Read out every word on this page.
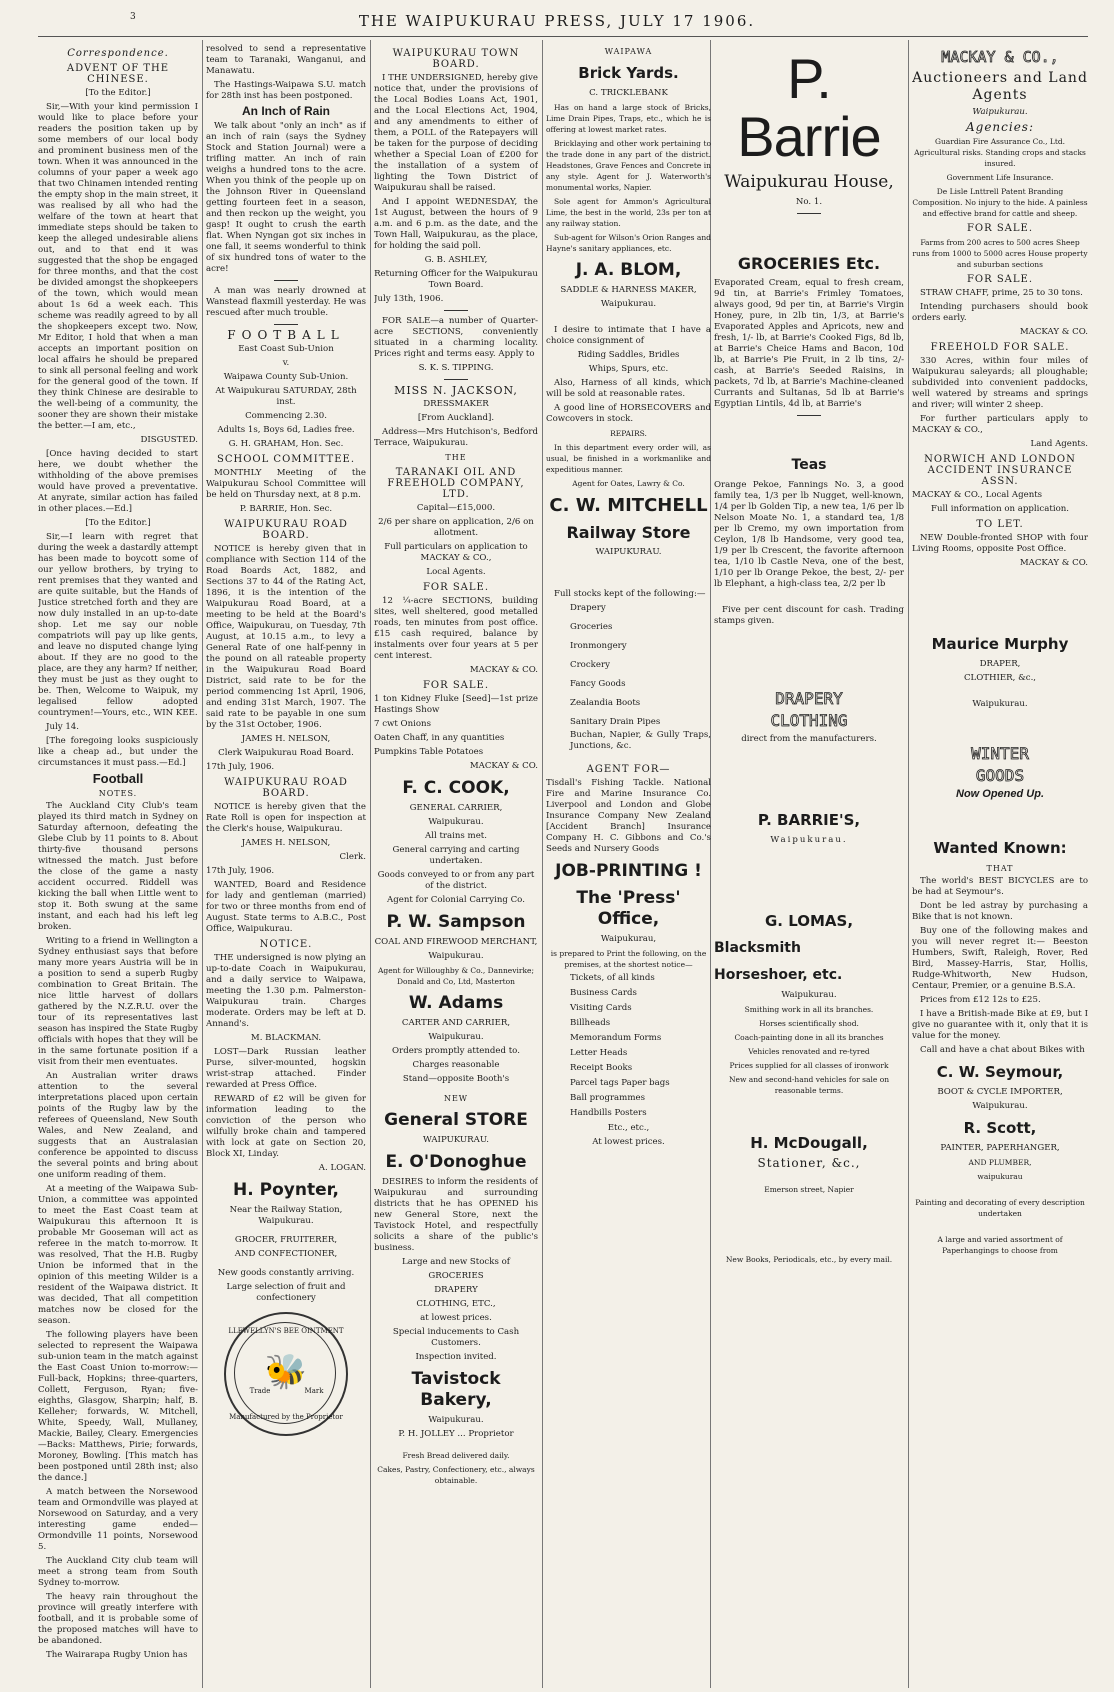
THE WAIPUKURAU PRESS, JULY 17 1906.
3
Correspondence.
ADVENT OF THE CHINESE.

[To the Editor.]

Sir,—With your kind permission I would like to place before your readers the position taken up by some members of our local body and prominent business men of the town. When it was announced in the columns of your paper a week ago that two Chinamen intended renting the empty shop in the main street, it was realised by all who had the welfare of the town at heart that immediate steps should be taken to keep the alleged undesirable aliens out, and to that end it was suggested that the shop be engaged for three months, and that the cost be divided amongst the shopkeepers of the town, which would mean about 1s 6d a week each. This scheme was readily agreed to by all the shopkeepers except two. Now, Mr Editor, I hold that when a man accepts an important position on local affairs he should be prepared to sink all personal feeling and work for the general good of the town. If they think Chinese are desirable to the well-being of a community, the sooner they are shown their mistake the better.—I am, etc.,

DISGUSTED.

[Once having decided to start here, we doubt whether the withholding of the above premises would have proved a preventative. At anyrate, similar action has failed in other places.—Ed.]

[To the Editor.]

Sir,—I learn with regret that during the week a dastardly attempt has been made to boycott some of our yellow brothers, by trying to rent premises that they wanted and are quite suitable, but the Hands of Justice stretched forth and they are now duly installed in an up-to-date shop. Let me say our noble compatriots will pay up like gents, and leave no disputed change lying about. If they are no good to the place, are they any harm? If neither, they must be just as they ought to be. Then, Welcome to Waipuk, my legalised fellow adopted countrymen!—Yours, etc., WIN KEE.

July 14.

[The foregoing looks suspiciously like a cheap ad., but under the circumstances it must pass.—Ed.]

Football
NOTES.

The Auckland City Club's team played its third match in Sydney on Saturday afternoon, defeating the Glebe Club by 11 points to 8. About thirty-five thousand persons witnessed the match. Just before the close of the game a nasty accident occurred. Riddell was kicking the ball when Little went to stop it. Both swung at the same instant, and each had his left leg broken.

Writing to a friend in Wellington a Sydney enthusiast says that before many more years Austria will be in a position to send a superb Rugby combination to Great Britain. The nice little harvest of dollars gathered by the N.Z.R.U. over the tour of its representatives last season has inspired the State Rugby officials with hopes that they will be in the same fortunate position if a visit from their men eventuates.

An Australian writer draws attention to the several interpretations placed upon certain points of the Rugby law by the referees of Queensland, New South Wales, and New Zealand, and suggests that an Australasian conference be appointed to discuss the several points and bring about one uniform reading of them.

At a meeting of the Waipawa Sub-Union, a committee was appointed to meet the East Coast team at Waipukurau this afternoon It is probable Mr Gooseman will act as referee in the match to-morrow. It was resolved, That the H.B. Rugby Union be informed that in the opinion of this meeting Wilder is a resident of the Waipawa district. It was decided, That all competition matches now be closed for the season.

The following players have been selected to represent the Waipawa sub-union team in the match against the East Coast Union to-morrow:—Full-back, Hopkins; three-quarters, Collett, Ferguson, Ryan; five-eighths, Glasgow, Sharpin; half, B. Kelleher; forwards, W. Mitchell, White, Speedy, Wall, Mullaney, Mackie, Bailey, Cleary. Emergencies—Backs: Matthews, Pirie; forwards, Moroney, Bowling. [This match has been postponed until 28th inst; also the dance.]

A match between the Norsewood team and Ormondville was played at Norsewood on Saturday, and a very interesting game ended—Ormondville 11 points, Norsewood 5.

The Auckland City club team will meet a strong team from South Sydney to-morrow.

The heavy rain throughout the province will greatly interfere with football, and it is probable some of the proposed matches will have to be abandoned.

The Wairarapa Rugby Union has

resolved to send a representative team to Taranaki, Wanganui, and Manawatu.

The Hastings-Waipawa S.U. match for 28th inst has been postponed.

An Inch of Rain

We talk about "only an inch" as if an inch of rain (says the Sydney Stock and Station Journal) were a trifling matter. An inch of rain weighs a hundred tons to the acre. When you think of the people up on the Johnson River in Queensland getting fourteen feet in a season, and then reckon up the weight, you gasp! It ought to crush the earth flat. When Nyngan got six inches in one fall, it seems wonderful to think of six hundred tons of water to the acre!

A man was nearly drowned at Wanstead flaxmill yesterday. He was rescued after much trouble.

FOOTBALL

East Coast Sub-Union

v.

Waipawa County Sub-Union.

At Waipukurau SATURDAY, 28th inst.

Commencing 2.30.

Adults 1s, Boys 6d, Ladies free.

G. H. GRAHAM, Hon. Sec.

SCHOOL COMMITTEE.

MONTHLY Meeting of the Waipukurau School Committee will be held on Thursday next, at 8 p.m.

P. BARRIE, Hon. Sec.

WAIPUKURAU ROAD BOARD.

NOTICE is hereby given that in compliance with Section 114 of the Road Boards Act, 1882, and Sections 37 to 44 of the Rating Act, 1896, it is the intention of the Waipukurau Road Board, at a meeting to be held at the Board's Office, Waipukurau, on Tuesday, 7th August, at 10.15 a.m., to levy a General Rate of one half-penny in the pound on all rateable property in the Waipukurau Road Board District, said rate to be for the period commencing 1st April, 1906, and ending 31st March, 1907. The said rate to be payable in one sum by the 31st October, 1906.

JAMES H. NELSON,

Clerk Waipukurau Road Board.

17th July, 1906.

WAIPUKURAU ROAD BOARD.

NOTICE is hereby given that the Rate Roll is open for inspection at the Clerk's house, Waipukurau.

JAMES H. NELSON,

Clerk.

17th July, 1906.

WANTED, Board and Residence for lady and gentleman (married) for two or three months from end of August. State terms to A.B.C., Post Office, Waipukurau.

NOTICE.

THE undersigned is now plying an up-to-date Coach in Waipukurau, and a daily service to Waipawa, meeting the 1.30 p.m. Palmerston-Waipukurau train. Charges moderate. Orders may be left at D. Annand's.

M. BLACKMAN.

LOST—Dark Russian leather Purse, silver-mounted, hogskin wrist-strap attached. Finder rewarded at Press Office.

REWARD of £2 will be given for information leading to the conviction of the person who wilfully broke chain and tampered with lock at gate on Section 20, Block XI, Linday.

A. LOGAN.

H. Poynter,

Near the Railway Station, Waipukurau.

GROCER, FRUITERER,

AND CONFECTIONER,

New goods constantly arriving.

Large selection of fruit and confectionery

LLEWELLYN'S BEE OINTMENT
🐝
Trade	Mark
Manufactured by the Proprietor
WAIPUKURAU TOWN BOARD.

I THE UNDERSIGNED, hereby give notice that, under the provisions of the Local Bodies Loans Act, 1901, and the Local Elections Act, 1904, and any amendments to either of them, a POLL of the Ratepayers will be taken for the purpose of deciding whether a Special Loan of £200 for the installation of a system of lighting the Town District of Waipukurau shall be raised.

And I appoint WEDNESDAY, the 1st August, between the hours of 9 a.m. and 6 p.m. as the date, and the Town Hall, Waipukurau, as the place, for holding the said poll.

G. B. ASHLEY,

Returning Officer for the Waipukurau Town Board.

July 13th, 1906.

FOR SALE—a number of Quarter-acre SECTIONS, conveniently situated in a charming locality. Prices right and terms easy. Apply to

S. K. S. TIPPING.

MISS N. JACKSON,

DRESSMAKER

[From Auckland].

Address—Mrs Hutchison's, Bedford Terrace, Waipukurau.

THE
TARANAKI OIL AND FREEHOLD COMPANY, LTD.

Capital—£15,000.

2/6 per share on application, 2/6 on allotment.

Full particulars on application to MACKAY & CO.,

Local Agents.

FOR SALE.

12 ¼-acre SECTIONS, building sites, well sheltered, good metalled roads, ten minutes from post office. £15 cash required, balance by instalments over four years at 5 per cent interest.

MACKAY & CO.

FOR SALE.

1 ton Kidney Fluke [Seed]—1st prize Hastings Show

7 cwt Onions

Oaten Chaff, in any quantities

Pumpkins Table Potatoes

MACKAY & CO.

F. C. COOK,

GENERAL CARRIER,

Waipukurau.

All trains met.

General carrying and carting undertaken.

Goods conveyed to or from any part of the district.

Agent for Colonial Carrying Co.

P. W. Sampson

COAL AND FIREWOOD MERCHANT,

Waipukurau.

Agent for Willoughby & Co., Dannevirke; Donald and Co, Ltd, Masterton

W. Adams

CARTER AND CARRIER,

Waipukurau.

Orders promptly attended to.

Charges reasonable

Stand—opposite Booth's

NEW
General STORE

WAIPUKURAU.

E. O'Donoghue

DESIRES to inform the residents of Waipukurau and surrounding districts that he has OPENED his new General Store, next the Tavistock Hotel, and respectfully solicits a share of the public's business.

Large and new Stocks of

GROCERIES

DRAPERY

CLOTHING, ETC.,

at lowest prices.

Special inducements to Cash Customers.

Inspection invited.

Tavistock Bakery,

Waipukurau.

P. H. JOLLEY ... Proprietor

Fresh Bread delivered daily.

Cakes, Pastry, Confectionery, etc., always obtainable.

WAIPAWA
Brick Yards.

C. TRICKLEBANK

Has on hand a large stock of Bricks, Lime Drain Pipes, Traps, etc., which he is offering at lowest market rates.

Bricklaying and other work pertaining to the trade done in any part of the district. Headstones, Grave Fences and Concrete in any style. Agent for J. Waterworth's monumental works, Napier.

Sole agent for Ammon's Agricultural Lime, the best in the world, 23s per ton at any railway station.

Sub-agent for Wilson's Orion Ranges and Hayne's sanitary appliances, etc.

J. A. BLOM,

SADDLE & HARNESS MAKER,

Waipukurau.

I desire to intimate that I have a choice consignment of

Riding Saddles, Bridles

Whips, Spurs, etc.

Also, Harness of all kinds, which will be sold at reasonable rates.

A good line of HORSECOVERS and Cowcovers in stock.

REPAIRS.

In this department every order will, as usual, be finished in a workmanlike and expeditious manner.

Agent for Oates, Lawry & Co.

C. W. MITCHELL
Railway Store

WAIPUKURAU.

Full stocks kept of the following:—

Drapery

Groceries

Ironmongery

Crockery

Fancy Goods

Zealandia Boots

Sanitary Drain Pipes

Buchan, Napier, & Gully Traps, Junctions, &c.

AGENT FOR—

Tisdall's Fishing Tackle. National Fire and Marine Insurance Co. Liverpool and London and Globe Insurance Company New Zealand [Accident Branch] Insurance Company H. C. Gibbons and Co.'s Seeds and Nursery Goods

JOB-PRINTING !
The 'Press' Office,

Waipukurau,

is prepared to Print the following, on the premises, at the shortest notice—

Tickets, of all kinds

Business Cards

Visiting Cards

Billheads

Memorandum Forms

Letter Heads

Receipt Books

Parcel tags Paper bags

Ball programmes

Handbills Posters

Etc., etc.,

At lowest prices.

P. Barrie
Waipukurau House,

No. 1.

GROCERIES Etc.

Evaporated Cream, equal to fresh cream, 9d tin, at Barrie's Frimley Tomatoes, always good, 9d per tin, at Barrie's Virgin Honey, pure, in 2lb tin, 1/3, at Barrie's Evaporated Apples and Apricots, new and fresh, 1/- lb, at Barrie's Cooked Figs, 8d lb, at Barrie's Cheice Hams and Bacon, 10d lb, at Barrie's Pie Fruit, in 2 lb tins, 2/- cash, at Barrie's Seeded Raisins, in packets, 7d lb, at Barrie's Machine-cleaned Currants and Sultanas, 5d lb at Barrie's Egyptian Lintils, 4d lb, at Barrie's

Teas

Orange Pekoe, Fannings No. 3, a good family tea, 1/3 per lb Nugget, well-known, 1/4 per lb Golden Tip, a new tea, 1/6 per lb Nelson Moate No. 1, a standard tea, 1/8 per lb Cremo, my own importation from Ceylon, 1/8 lb Handsome, very good tea, 1/9 per lb Crescent, the favorite afternoon tea, 1/10 lb Castle Neva, one of the best, 1/10 per lb Orange Pekoe, the best, 2/- per lb Elephant, a high-class tea, 2/2 per lb

Five per cent discount for cash. Trading stamps given.

DRAPERY
CLOTHING

direct from the manufacturers.

P. BARRIE'S,

Waipukurau.

G. LOMAS,
Blacksmith
Horseshoer, etc.

Waipukurau.

Smithing work in all its branches.

Horses scientifically shod.

Coach-painting done in all its branches

Vehicles renovated and re-tyred

Prices supplied for all classes of ironwork

New and second-hand vehicles for sale on reasonable terms.

H. McDougall,
Stationer, &c.,

Emerson street, Napier

New Books, Periodicals, etc., by every mail.

MACKAY & CO.,
Auctioneers and Land Agents

Waipukurau.

Agencies:

Guardian Fire Assurance Co., Ltd. Agricultural risks. Standing crops and stacks insured.

Government Life Insurance.

De Lisle Lnttrell Patent Branding Composition. No injury to the hide. A painless and effective brand for cattle and sheep.

FOR SALE.

Farms from 200 acres to 500 acres Sheep runs from 1000 to 5000 acres House property and suburban sections

FOR SALE.

STRAW CHAFF, prime, 25 to 30 tons.

Intending purchasers should book orders early.

MACKAY & CO.

FREEHOLD FOR SALE.

330 Acres, within four miles of Waipukurau saleyards; all ploughable; subdivided into convenient paddocks, well watered by streams and springs and river; will winter 2 sheep.

For further particulars apply to MACKAY & CO.,

Land Agents.

NORWICH AND LONDON ACCIDENT INSURANCE ASSN.

MACKAY & CO., Local Agents

Full information on application.

TO LET.

NEW Double-fronted SHOP with four Living Rooms, opposite Post Office.

MACKAY & CO.

Maurice Murphy

DRAPER,

CLOTHIER, &c.,

Waipukurau.

WINTER
GOODS
Now Opened Up.
Wanted Known:
THAT

The world's BEST BICYCLES are to be had at Seymour's.

Dont be led astray by purchasing a Bike that is not known.

Buy one of the following makes and you will never regret it:— Beeston Humbers, Swift, Raleigh, Rover, Red Bird, Massey-Harris, Star, Hollis, Rudge-Whitworth, New Hudson, Centaur, Premier, or a genuine B.S.A.

Prices from £12 12s to £25.

I have a British-made Bike at £9, but I give no guarantee with it, only that it is value for the money.

Call and have a chat about Bikes with

C. W. Seymour,

BOOT & CYCLE IMPORTER,

Waipukurau.

R. Scott,

PAINTER, PAPERHANGER,

AND PLUMBER,

waipukurau

Painting and decorating of every description undertaken

A large and varied assortment of Paperhangings to choose from
